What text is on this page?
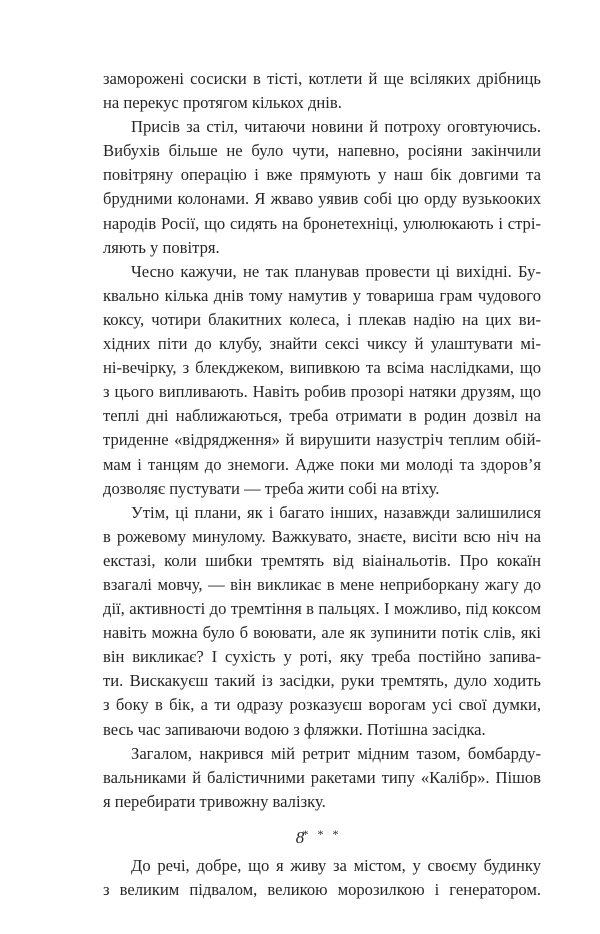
заморожені сосиски в тісті, котлети й ще всіляких дрібниць
на перекус протягом кількох днів.
Присів за стіл, читаючи новини й потроху оговтуючись.
Вибухів більше не було чути, напевно, росіяни закінчили
повітряну операцію і вже прямують у наш бік довгими та
брудними колонами. Я жваво уявив собі цю орду вузькооких
народів Росії, що сидять на бронетехніці, улюлюкають і стрі-
ляють у повітря.
Чесно кажучи, не так планував провести ці вихідні. Бу-
квально кілька днів тому намутив у товариша грам чудового
коксу, чотири блакитних колеса, і плекав надію на цих ви-
хідних піти до клубу, знайти сексі чиксу й улаштувати мі-
ні-вечірку, з блекджеком, випивкою та всіма наслідками, що
з цього випливають. Навіть робив прозорі натяки друзям, що
теплі дні наближаються, треба отримати в родин дозвіл на
триденне «відрядження» й вирушити назустріч теплим обій-
мам і танцям до знемоги. Адже поки ми молоді та здоров’я
дозволяє пустувати — треба жити собі на втіху.
Утім, ці плани, як і багато інших, назавжди залишилися
в рожевому минулому. Важкувато, знаєте, висіти всю ніч на
екстазі, коли шибки тремтять від віаінальотів. Про кокаїн
взагалі мовчу, — він викликає в мене неприборкану жагу до
дії, активності до тремтіння в пальцях. І можливо, під коксом
навіть можна було б воювати, але як зупинити потік слів, які
він викликає? І сухість у роті, яку треба постійно запива-
ти. Вискакуєш такий із засідки, руки тремтять, дуло ходить
з боку в бік, а ти одразу розказуєш ворогам усі свої думки,
весь час запиваючи водою з фляжки. Потішна засідка.
Загалом, накрився мій ретрит мідним тазом, бомбарду-
вальниками й балістичними ракетами типу «Калібр». Пішов
я перебирати тривожну валізку.
* * *
До речі, добре, що я живу за містом, у своєму будинку
з великим підвалом, великою морозилкою і генератором.
8
